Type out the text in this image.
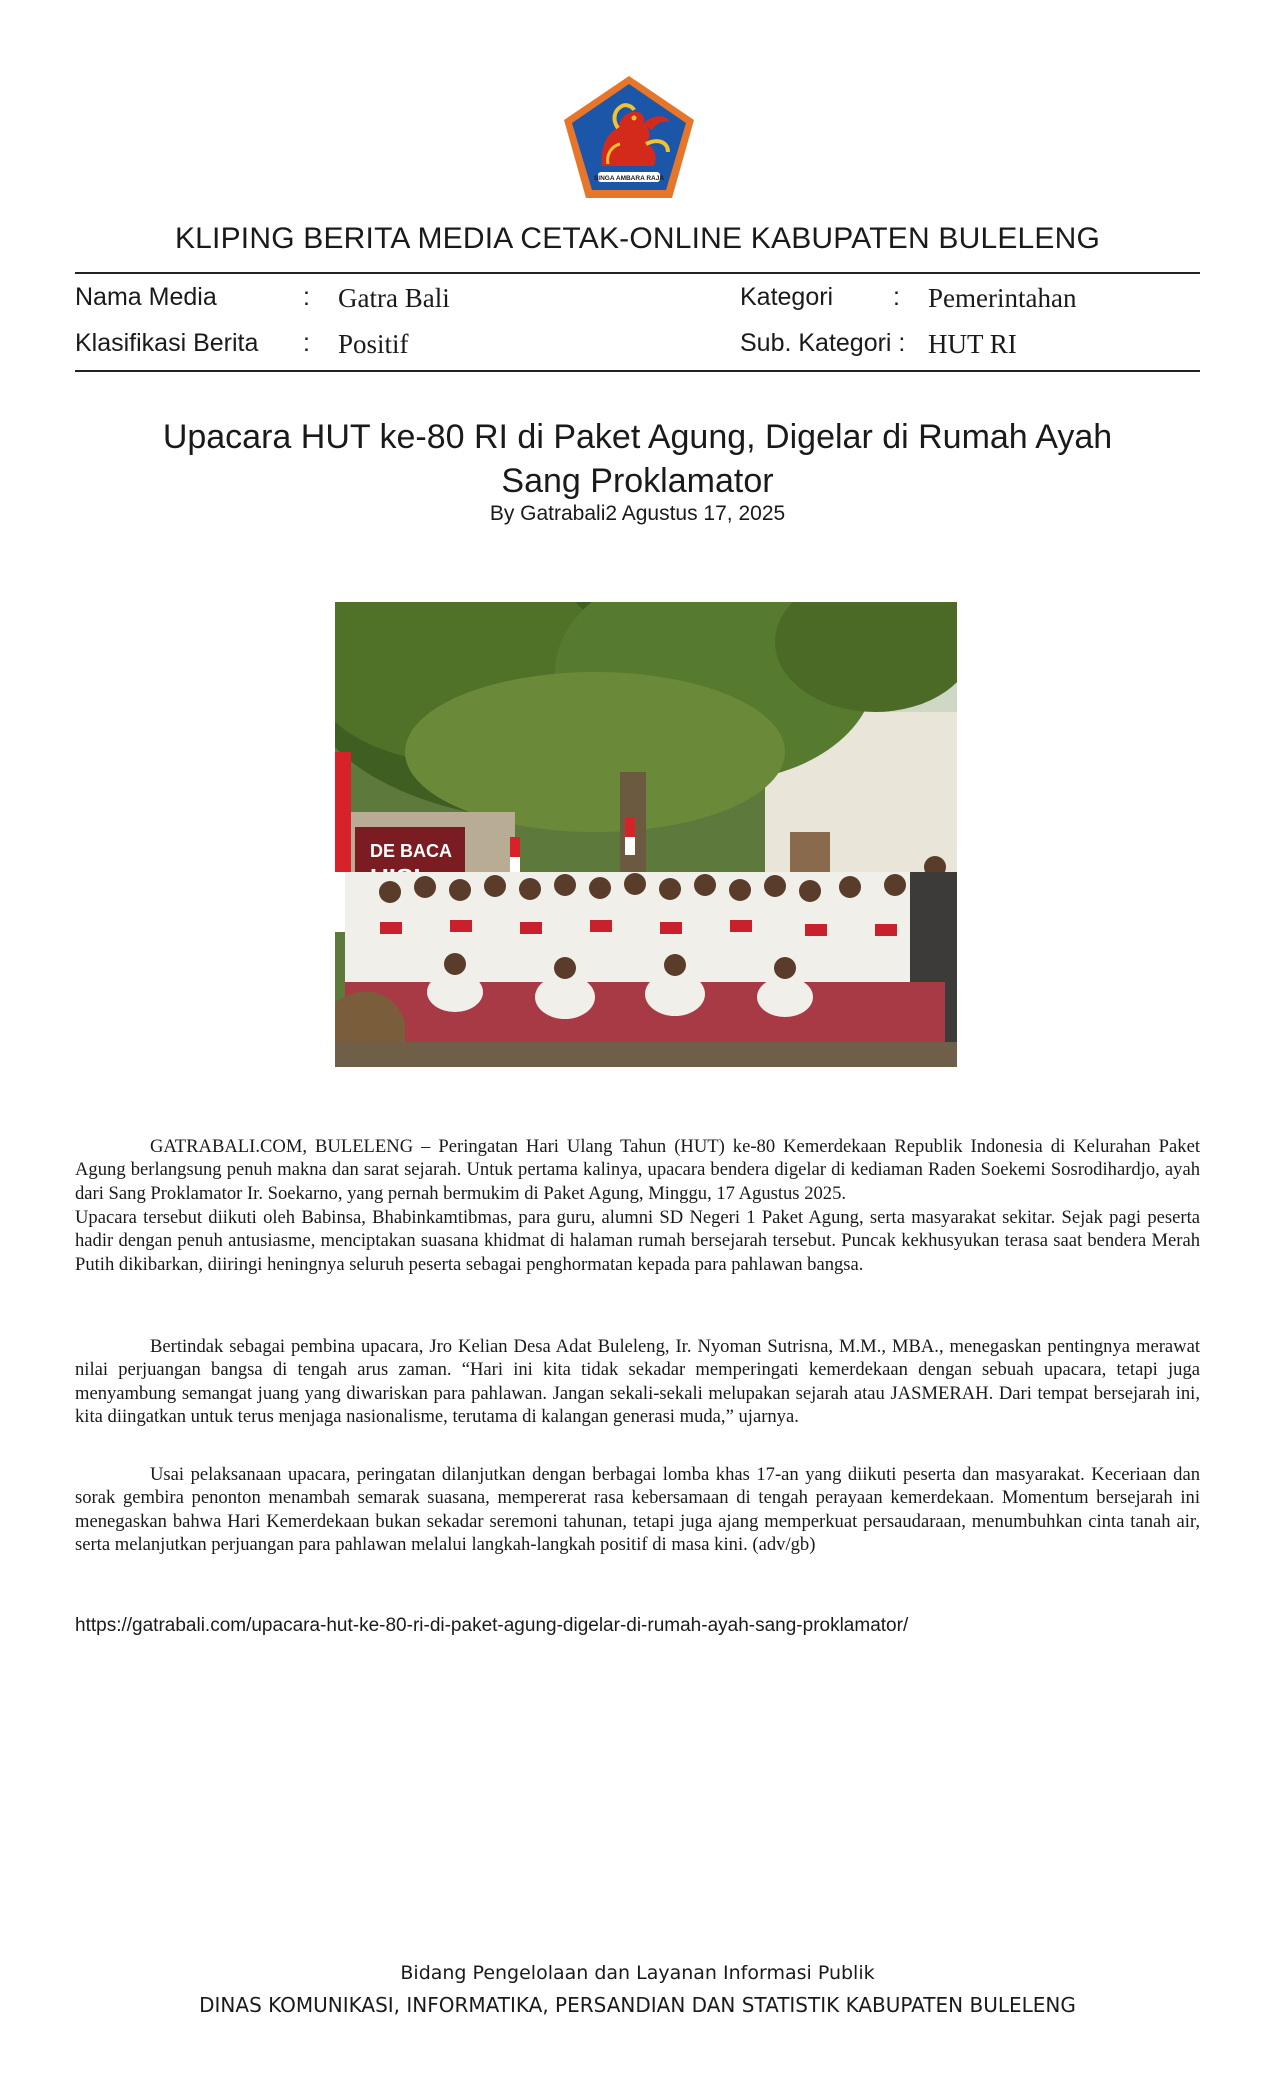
SINGA AMBARA RAJA
KLIPING BERITA MEDIA CETAK-ONLINE KABUPATEN BULELENG
Nama Media	: Gatra Bali	Kategori : Pemerintahan
Klasifikasi Berita : Positif	Sub. Kategori : HUT RI
Upacara HUT ke-80 RI di Paket Agung, Digelar di Rumah Ayah
Sang Proklamator
By Gatrabali2 Agustus 17, 2025
DE BACA

GATRABALI.COM, BULELENG – Peringatan Hari Ulang Tahun (HUT) ke-80 Kemerdekaan Republik Indonesia di Kelurahan Paket Agung berlangsung penuh makna dan sarat sejarah. Untuk pertama kalinya, upacara bendera digelar di kediaman Raden Soekemi Sosrodihardjo, ayah dari Sang Proklamator Ir. Soekarno, yang pernah bermukim di Paket Agung, Minggu, 17 Agustus 2025.

Upacara tersebut diikuti oleh Babinsa, Bhabinkamtibmas, para guru, alumni SD Negeri 1 Paket Agung, serta masyarakat sekitar. Sejak pagi peserta hadir dengan penuh antusiasme, menciptakan suasana khidmat di halaman rumah bersejarah tersebut. Puncak kekhusyukan terasa saat bendera Merah Putih dikibarkan, diiringi heningnya seluruh peserta sebagai penghormatan kepada para pahlawan bangsa.

Bertindak sebagai pembina upacara, Jro Kelian Desa Adat Buleleng, Ir. Nyoman Sutrisna, M.M., MBA., menegaskan pentingnya merawat nilai perjuangan bangsa di tengah arus zaman. “Hari ini kita tidak sekadar memperingati kemerdekaan dengan sebuah upacara, tetapi juga menyambung semangat juang yang diwariskan para pahlawan. Jangan sekali-sekali melupakan sejarah atau JASMERAH. Dari tempat bersejarah ini, kita diingatkan untuk terus menjaga nasionalisme, terutama di kalangan generasi muda,” ujarnya.

Usai pelaksanaan upacara, peringatan dilanjutkan dengan berbagai lomba khas 17-an yang diikuti peserta dan masyarakat. Keceriaan dan sorak gembira penonton menambah semarak suasana, mempererat rasa kebersamaan di tengah perayaan kemerdekaan. Momentum bersejarah ini menegaskan bahwa Hari Kemerdekaan bukan sekadar seremoni tahunan, tetapi juga ajang memperkuat persaudaraan, menumbuhkan cinta tanah air, serta melanjutkan perjuangan para pahlawan melalui langkah-langkah positif di masa kini. (adv/gb)

https://gatrabali.com/upacara-hut-ke-80-ri-di-paket-agung-digelar-di-rumah-ayah-sang-proklamator/
Bidang Pengelolaan dan Layanan Informasi Publik
DINAS KOMUNIKASI, INFORMATIKA, PERSANDIAN DAN STATISTIK KABUPATEN BULELENG
